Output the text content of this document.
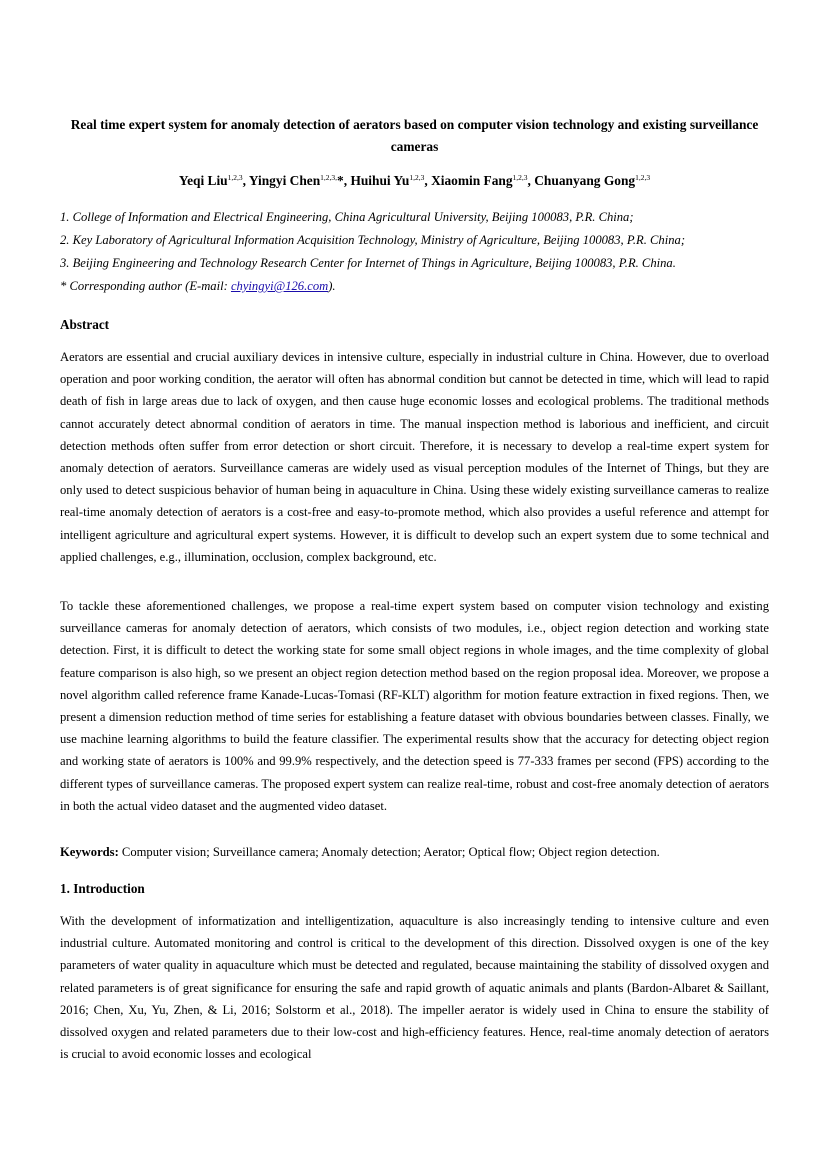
Real time expert system for anomaly detection of aerators based on computer vision technology and existing surveillance cameras
Yeqi Liu$^{1,2,3}$, Yingyi Chen$^{1,2,3,}$*, Huihui Yu$^{1,2,3}$, Xiaomin Fang$^{1,2,3}$, Chuanyang Gong$^{1,2,3}$
1. College of Information and Electrical Engineering, China Agricultural University, Beijing 100083, P.R. China;
2. Key Laboratory of Agricultural Information Acquisition Technology, Ministry of Agriculture, Beijing 100083, P.R. China;
3. Beijing Engineering and Technology Research Center for Internet of Things in Agriculture, Beijing 100083, P.R. China.
* Corresponding author (E-mail: chyingyi@126.com).
Abstract
Aerators are essential and crucial auxiliary devices in intensive culture, especially in industrial culture in China. However, due to overload operation and poor working condition, the aerator will often has abnormal condition but cannot be detected in time, which will lead to rapid death of fish in large areas due to lack of oxygen, and then cause huge economic losses and ecological problems. The traditional methods cannot accurately detect abnormal condition of aerators in time. The manual inspection method is laborious and inefficient, and circuit detection methods often suffer from error detection or short circuit. Therefore, it is necessary to develop a real-time expert system for anomaly detection of aerators. Surveillance cameras are widely used as visual perception modules of the Internet of Things, but they are only used to detect suspicious behavior of human being in aquaculture in China. Using these widely existing surveillance cameras to realize real-time anomaly detection of aerators is a cost-free and easy-to-promote method, which also provides a useful reference and attempt for intelligent agriculture and agricultural expert systems. However, it is difficult to develop such an expert system due to some technical and applied challenges, e.g., illumination, occlusion, complex background, etc.
To tackle these aforementioned challenges, we propose a real-time expert system based on computer vision technology and existing surveillance cameras for anomaly detection of aerators, which consists of two modules, i.e., object region detection and working state detection. First, it is difficult to detect the working state for some small object regions in whole images, and the time complexity of global feature comparison is also high, so we present an object region detection method based on the region proposal idea. Moreover, we propose a novel algorithm called reference frame Kanade-Lucas-Tomasi (RF-KLT) algorithm for motion feature extraction in fixed regions. Then, we present a dimension reduction method of time series for establishing a feature dataset with obvious boundaries between classes. Finally, we use machine learning algorithms to build the feature classifier. The experimental results show that the accuracy for detecting object region and working state of aerators is 100% and 99.9% respectively, and the detection speed is 77-333 frames per second (FPS) according to the different types of surveillance cameras. The proposed expert system can realize real-time, robust and cost-free anomaly detection of aerators in both the actual video dataset and the augmented video dataset.
Keywords: Computer vision; Surveillance camera; Anomaly detection; Aerator; Optical flow; Object region detection.
1. Introduction
With the development of informatization and intelligentization, aquaculture is also increasingly tending to intensive culture and even industrial culture. Automated monitoring and control is critical to the development of this direction. Dissolved oxygen is one of the key parameters of water quality in aquaculture which must be detected and regulated, because maintaining the stability of dissolved oxygen and related parameters is of great significance for ensuring the safe and rapid growth of aquatic animals and plants (Bardon-Albaret & Saillant, 2016; Chen, Xu, Yu, Zhen, & Li, 2016; Solstorm et al., 2018). The impeller aerator is widely used in China to ensure the stability of dissolved oxygen and related parameters due to their low-cost and high-efficiency features. Hence, real-time anomaly detection of aerators is crucial to avoid economic losses and ecological
